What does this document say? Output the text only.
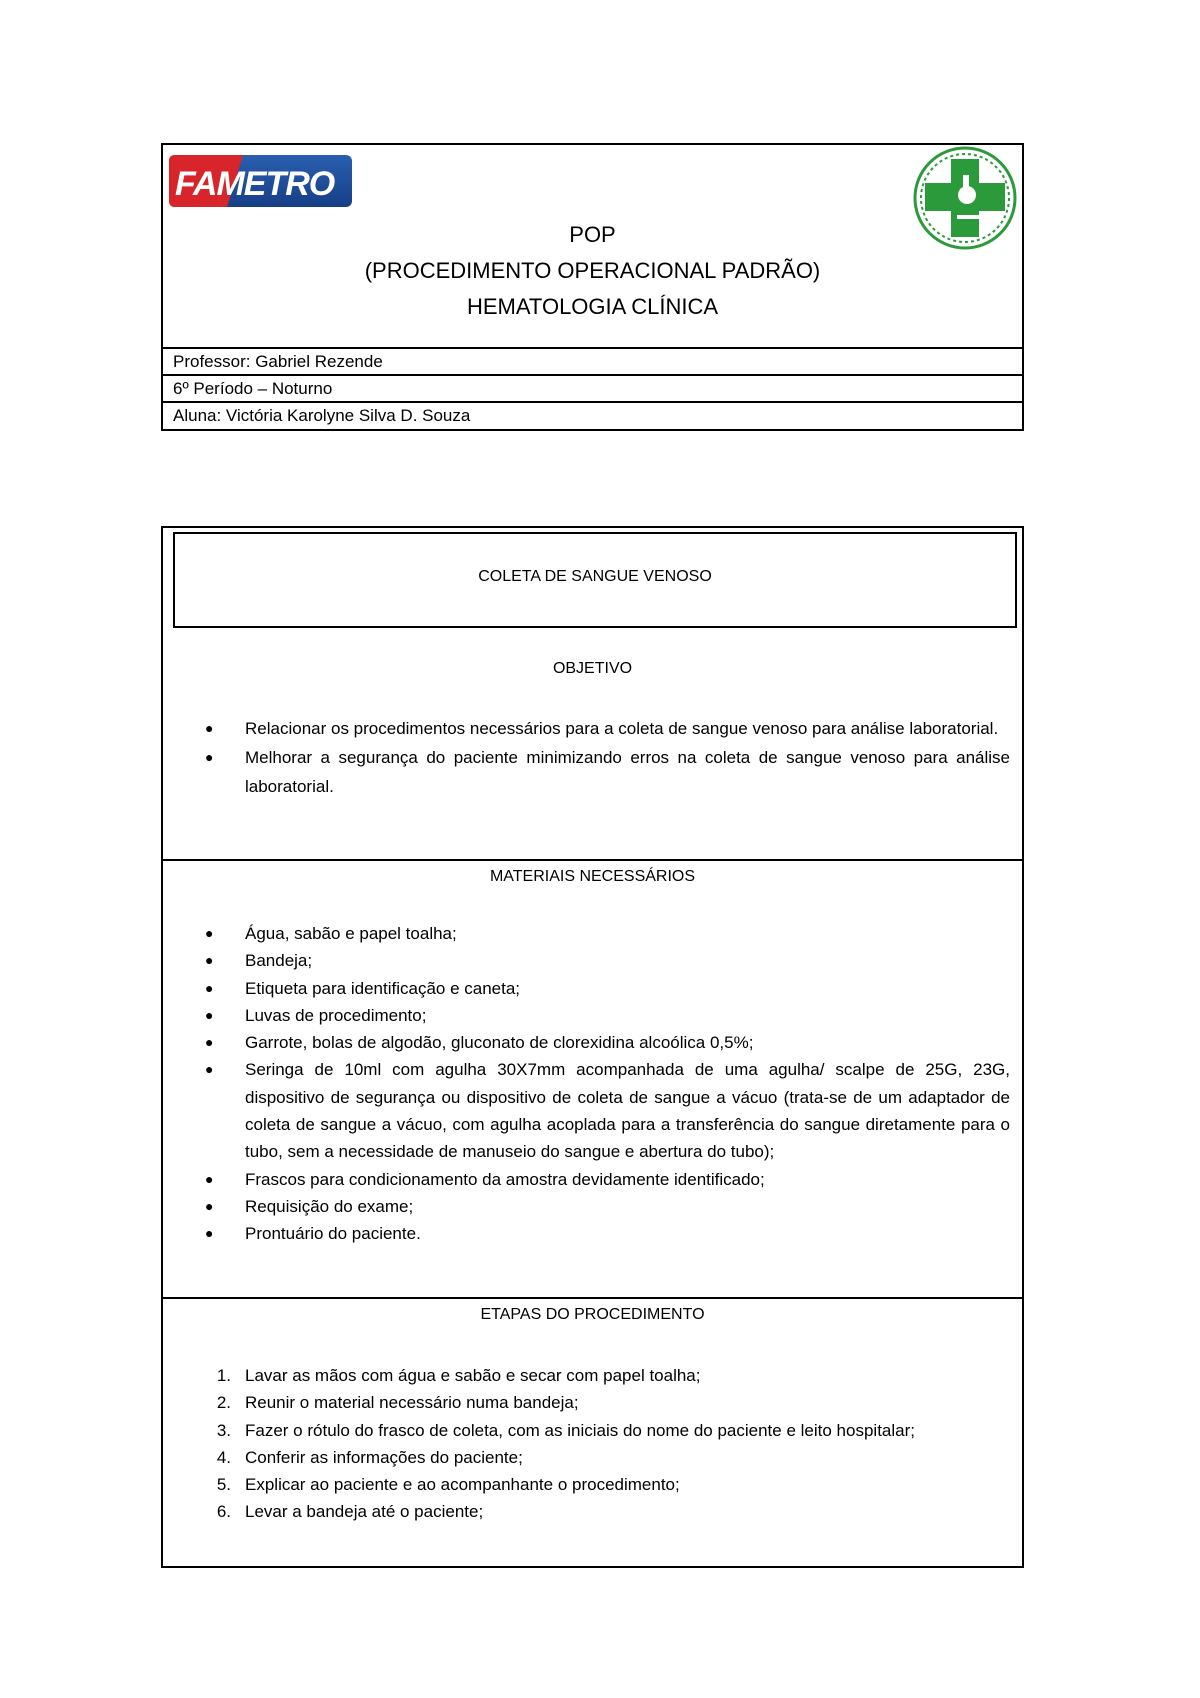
FAMETRO
POP
(PROCEDIMENTO OPERACIONAL PADRÃO)
HEMATOLOGIA CLÍNICA
Professor: Gabriel Rezende
6º Período – Noturno
Aluna: Victória Karolyne Silva D. Souza
COLETA DE SANGUE VENOSO
OBJETIVO
● Relacionar os procedimentos necessários para a coleta de sangue venoso para análise laboratorial.
● Melhorar a segurança do paciente minimizando erros na coleta de sangue venoso para análise laboratorial.
MATERIAIS NECESSÁRIOS
● Água, sabão e papel toalha;
● Bandeja;
● Etiqueta para identificação e caneta;
● Luvas de procedimento;
● Garrote, bolas de algodão, gluconato de clorexidina alcoólica 0,5%;
● Seringa de 10ml com agulha 30X7mm acompanhada de uma agulha/ scalpe de 25G, 23G, dispositivo de segurança ou dispositivo de coleta de sangue a vácuo (trata-se de um adaptador de coleta de sangue a vácuo, com agulha acoplada para a transferência do sangue diretamente para o tubo, sem a necessidade de manuseio do sangue e abertura do tubo);
● Frascos para condicionamento da amostra devidamente identificado;
● Requisição do exame;
● Prontuário do paciente.
ETAPAS DO PROCEDIMENTO
1. Lavar as mãos com água e sabão e secar com papel toalha;
2. Reunir o material necessário numa bandeja;
3. Fazer o rótulo do frasco de coleta, com as iniciais do nome do paciente e leito hospitalar;
4. Conferir as informações do paciente;
5. Explicar ao paciente e ao acompanhante o procedimento;
6. Levar a bandeja até o paciente;
